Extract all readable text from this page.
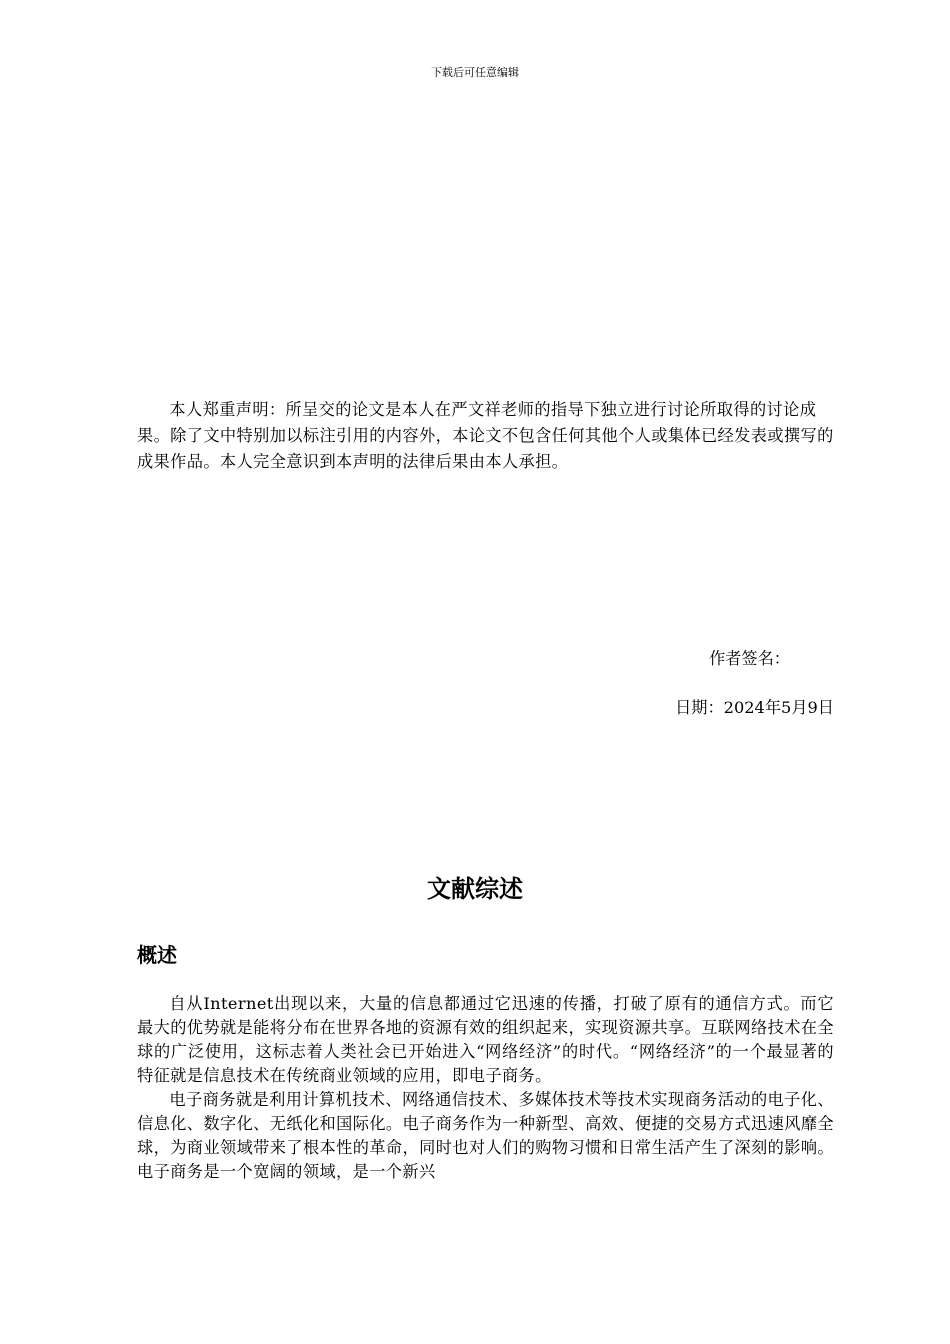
下载后可任意编辑

本人郑重声明：所呈交的论文是本人在严文祥老师的指导下独立进行讨论所取得的讨论成果。除了文中特别加以标注引用的内容外，本论文不包含任何其他个人或集体已经发表或撰写的成果作品。本人完全意识到本声明的法律后果由本人承担。

作者签名：
日期：2024年5月9日
文献综述
概述

自从Internet出现以来，大量的信息都通过它迅速的传播，打破了原有的通信方式。而它最大的优势就是能将分布在世界各地的资源有效的组织起来，实现资源共享。互联网络技术在全球的广泛使用，这标志着人类社会已开始进入“网络经济”的时代。“网络经济”的一个最显著的特征就是信息技术在传统商业领域的应用，即电子商务。

电子商务就是利用计算机技术、网络通信技术、多媒体技术等技术实现商务活动的电子化、信息化、数字化、无纸化和国际化。电子商务作为一种新型、高效、便捷的交易方式迅速风靡全球，为商业领域带来了根本性的革命，同时也对人们的购物习惯和日常生活产生了深刻的影响。电子商务是一个宽阔的领域，是一个新兴
